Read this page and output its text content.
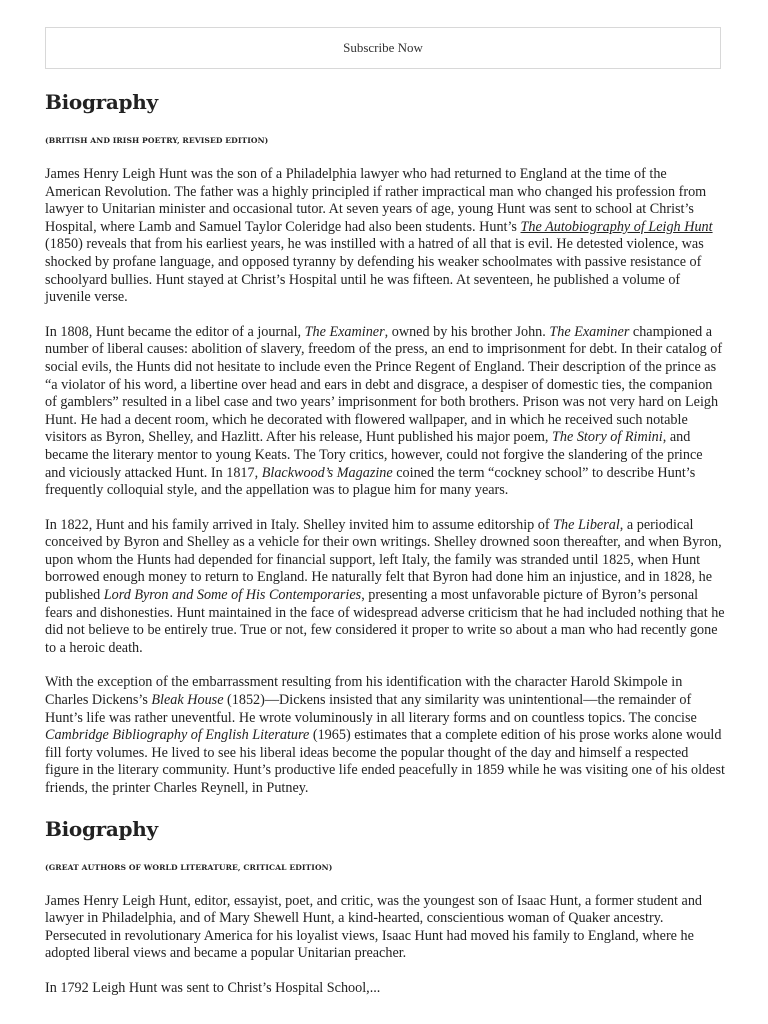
Subscribe Now
Biography
(BRITISH AND IRISH POETRY, REVISED EDITION)

James Henry Leigh Hunt was the son of a Philadelphia lawyer who had returned to England at the time of the American Revolution. The father was a highly principled if rather impractical man who changed his profession from lawyer to Unitarian minister and occasional tutor. At seven years of age, young Hunt was sent to school at Christ’s Hospital, where Lamb and Samuel Taylor Coleridge had also been students. Hunt’s The Autobiography of Leigh Hunt (1850) reveals that from his earliest years, he was instilled with a hatred of all that is evil. He detested violence, was shocked by profane language, and opposed tyranny by defending his weaker schoolmates with passive resistance of schoolyard bullies. Hunt stayed at Christ’s Hospital until he was fifteen. At seventeen, he published a volume of juvenile verse.

In 1808, Hunt became the editor of a journal, The Examiner, owned by his brother John. The Examiner championed a number of liberal causes: abolition of slavery, freedom of the press, an end to imprisonment for debt. In their catalog of social evils, the Hunts did not hesitate to include even the Prince Regent of England. Their description of the prince as “a violator of his word, a libertine over head and ears in debt and disgrace, a despiser of domestic ties, the companion of gamblers” resulted in a libel case and two years’ imprisonment for both brothers. Prison was not very hard on Leigh Hunt. He had a decent room, which he decorated with flowered wallpaper, and in which he received such notable visitors as Byron, Shelley, and Hazlitt. After his release, Hunt published his major poem, The Story of Rimini, and became the literary mentor to young Keats. The Tory critics, however, could not forgive the slandering of the prince and viciously attacked Hunt. In 1817, Blackwood’s Magazine coined the term “cockney school” to describe Hunt’s frequently colloquial style, and the appellation was to plague him for many years.

In 1822, Hunt and his family arrived in Italy. Shelley invited him to assume editorship of The Liberal, a periodical conceived by Byron and Shelley as a vehicle for their own writings. Shelley drowned soon thereafter, and when Byron, upon whom the Hunts had depended for financial support, left Italy, the family was stranded until 1825, when Hunt borrowed enough money to return to England. He naturally felt that Byron had done him an injustice, and in 1828, he published Lord Byron and Some of His Contemporaries, presenting a most unfavorable picture of Byron’s personal fears and dishonesties. Hunt maintained in the face of widespread adverse criticism that he had included nothing that he did not believe to be entirely true. True or not, few considered it proper to write so about a man who had recently gone to a heroic death.

With the exception of the embarrassment resulting from his identification with the character Harold Skimpole in Charles Dickens’s Bleak House (1852)—Dickens insisted that any similarity was unintentional—the remainder of Hunt’s life was rather uneventful. He wrote voluminously in all literary forms and on countless topics. The concise Cambridge Bibliography of English Literature (1965) estimates that a complete edition of his prose works alone would fill forty volumes. He lived to see his liberal ideas become the popular thought of the day and himself a respected figure in the literary community. Hunt’s productive life ended peacefully in 1859 while he was visiting one of his oldest friends, the printer Charles Reynell, in Putney.

Biography
(GREAT AUTHORS OF WORLD LITERATURE, CRITICAL EDITION)

James Henry Leigh Hunt, editor, essayist, poet, and critic, was the youngest son of Isaac Hunt, a former student and lawyer in Philadelphia, and of Mary Shewell Hunt, a kind-hearted, conscientious woman of Quaker ancestry. Persecuted in revolutionary America for his loyalist views, Isaac Hunt had moved his family to England, where he adopted liberal views and became a popular Unitarian preacher.

In 1792 Leigh Hunt was sent to Christ’s Hospital School,...
